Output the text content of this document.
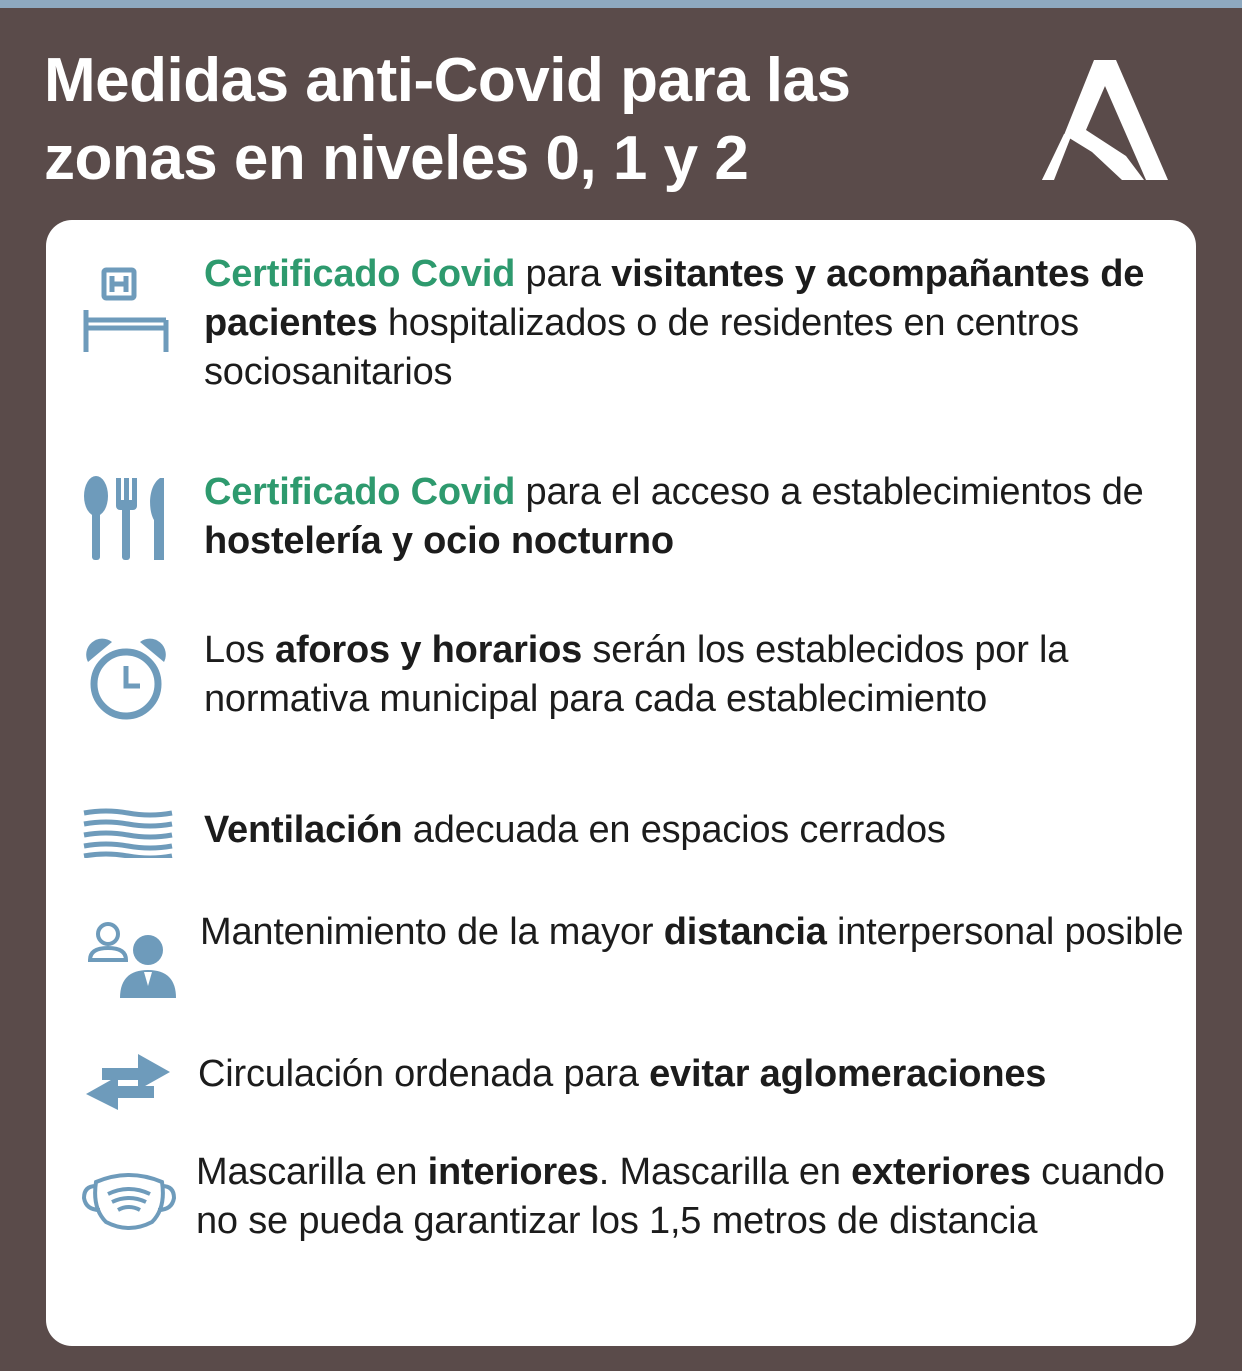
Medidas anti-Covid para las
zonas en niveles 0, 1 y 2
Certificado Covid para visitantes y acompañantes de pacientes hospitalizados o de residentes en centros sociosanitarios
Certificado Covid para el acceso a establecimientos de hostelería y ocio nocturno
Los aforos y horarios serán los establecidos por la normativa municipal para cada establecimiento
Ventilación adecuada en espacios cerrados
Mantenimiento de la mayor distancia interpersonal posible
Circulación ordenada para evitar aglomeraciones
Mascarilla en interiores. Mascarilla en exteriores cuando no se pueda garantizar los 1,5 metros de distancia
